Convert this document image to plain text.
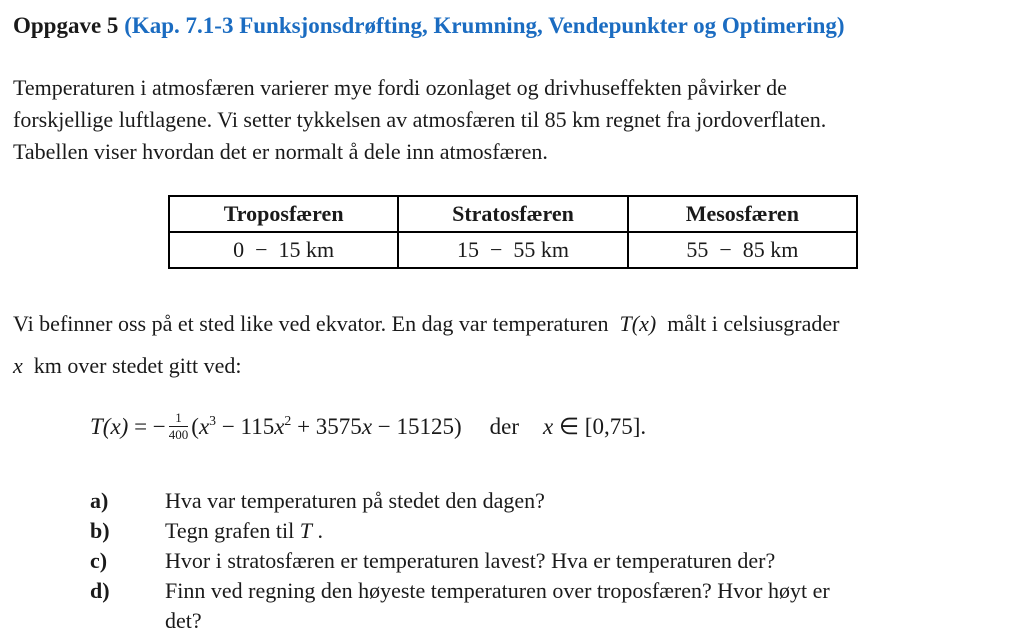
Oppgave 5 (Kap. 7.1-3 Funksjonsdrøfting, Krumning, Vendepunkter og Optimering)
Temperaturen i atmosfæren varierer mye fordi ozonlaget og drivhuseffekten påvirker de
forskjellige luftlagene. Vi setter tykkelsen av atmosfæren til 85 km regnet fra jordoverflaten.
Tabellen viser hvordan det er normalt å dele inn atmosfæren.
Troposfæren	Stratosfæren	Mesosfæren
0 − 15 km	15 − 55 km	55 − 85 km
Vi befinner oss på et sted like ved ekvator. En dag var temperaturen T(x) målt i celsiusgrader
x km over stedet gitt ved:
T(x) = − $\frac{1}{400} (x^3 - 115x^2 + 3575x - 15125)$ der x ∈ [0,75].
a)	Hva var temperaturen på stedet den dagen?
b)	Tegn grafen til T .
c)	Hvor i stratosfæren er temperaturen lavest? Hva er temperaturen der?
d)	Finn ved regning den høyeste temperaturen over troposfæren? Hvor høyt er
det?
